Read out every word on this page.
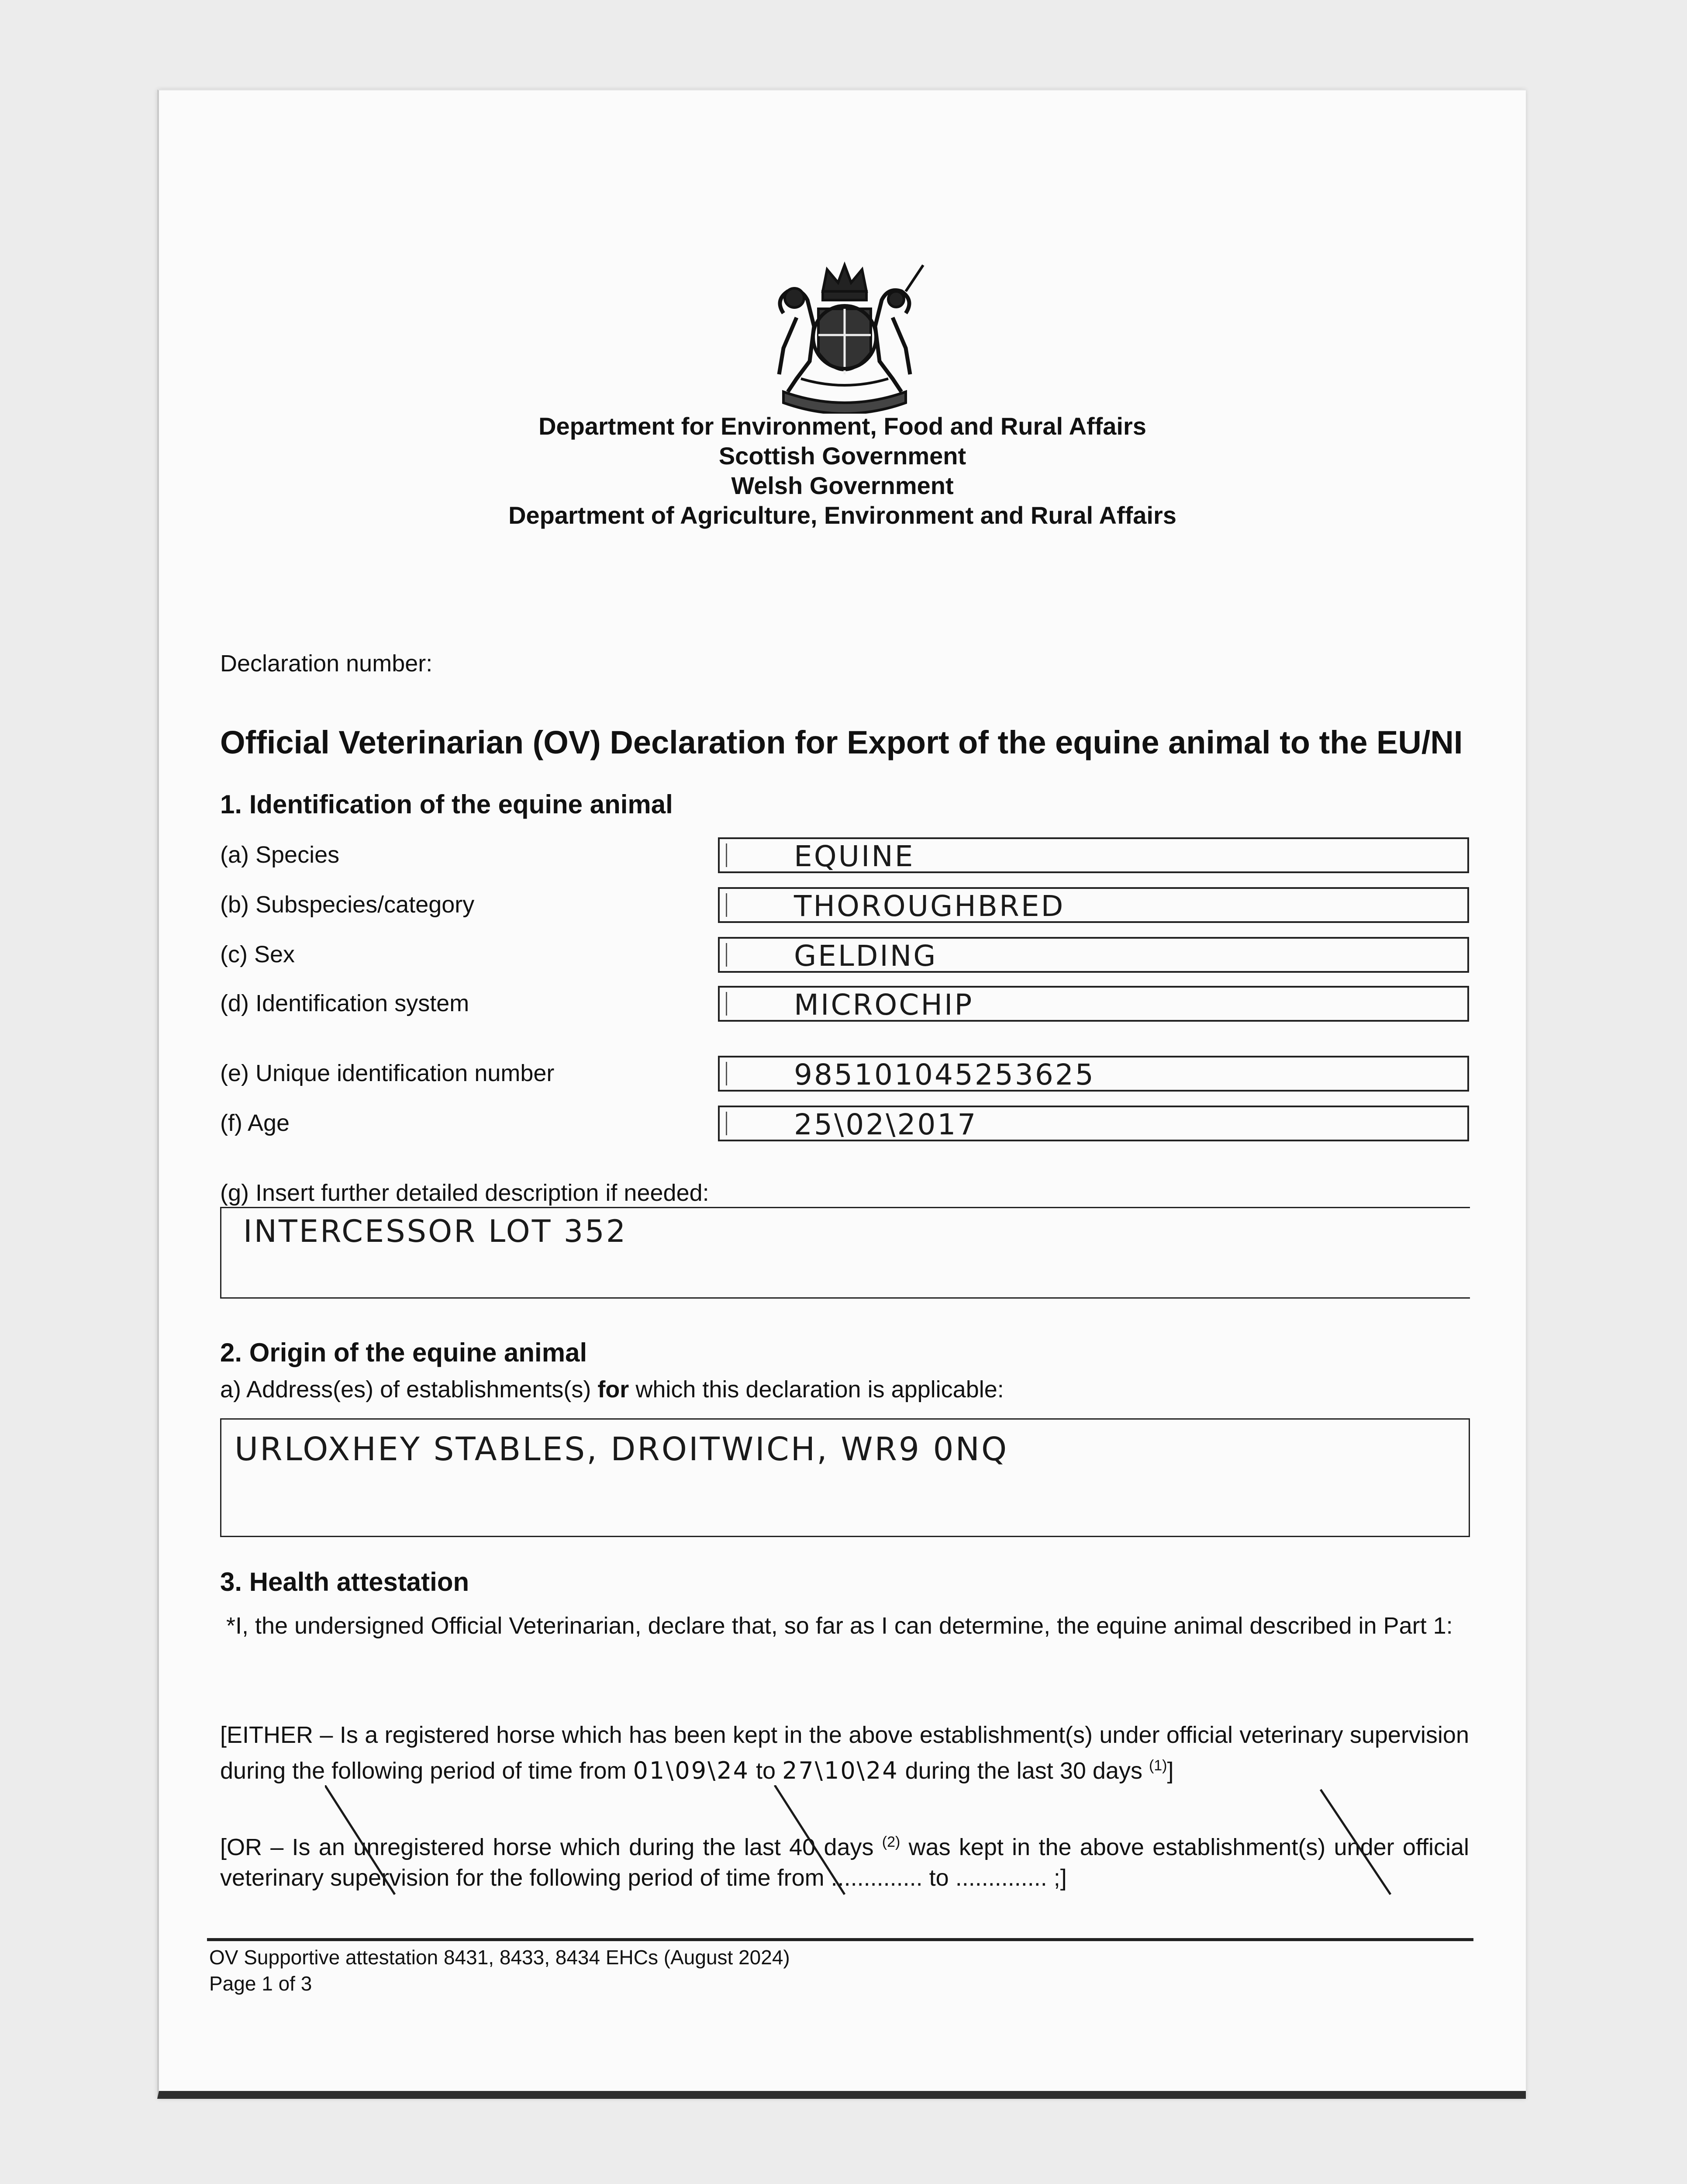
Department for Environment, Food and Rural Affairs
Scottish Government
Welsh Government
Department of Agriculture, Environment and Rural Affairs
Declaration number:
Official Veterinarian (OV) Declaration for Export of the equine animal to the EU/NI
1. Identification of the equine animal
(a) Species	EQUINE
(b) Subspecies/category	THOROUGHBRED
(c) Sex	GELDING
(d) Identification system	MICROCHIP
(e) Unique identification number	985101045253625
(f) Age	25\02\2017
(g) Insert further detailed description if needed:
INTERCESSOR LOT 352
2. Origin of the equine animal
a) Address(es) of establishments(s) for which this declaration is applicable:
URLOXHEY STABLES, DROITWICH, WR9 0NQ
3. Health attestation
*I, the undersigned Official Veterinarian, declare that, so far as I can determine, the equine animal described in Part 1:
[EITHER – Is a registered horse which has been kept in the above establishment(s) under official veterinary supervision during the following period of time from 01\09\24 to 27\10\24 during the last 30 days $^{(1)}$]
[OR – Is an unregistered horse which during the last 40 days $^{(2)}$ was kept in the above establishment(s) under official veterinary supervision for the following period of time from .............. to .............. ;]
OV Supportive attestation 8431, 8433, 8434 EHCs (August 2024)
Page 1 of 3
